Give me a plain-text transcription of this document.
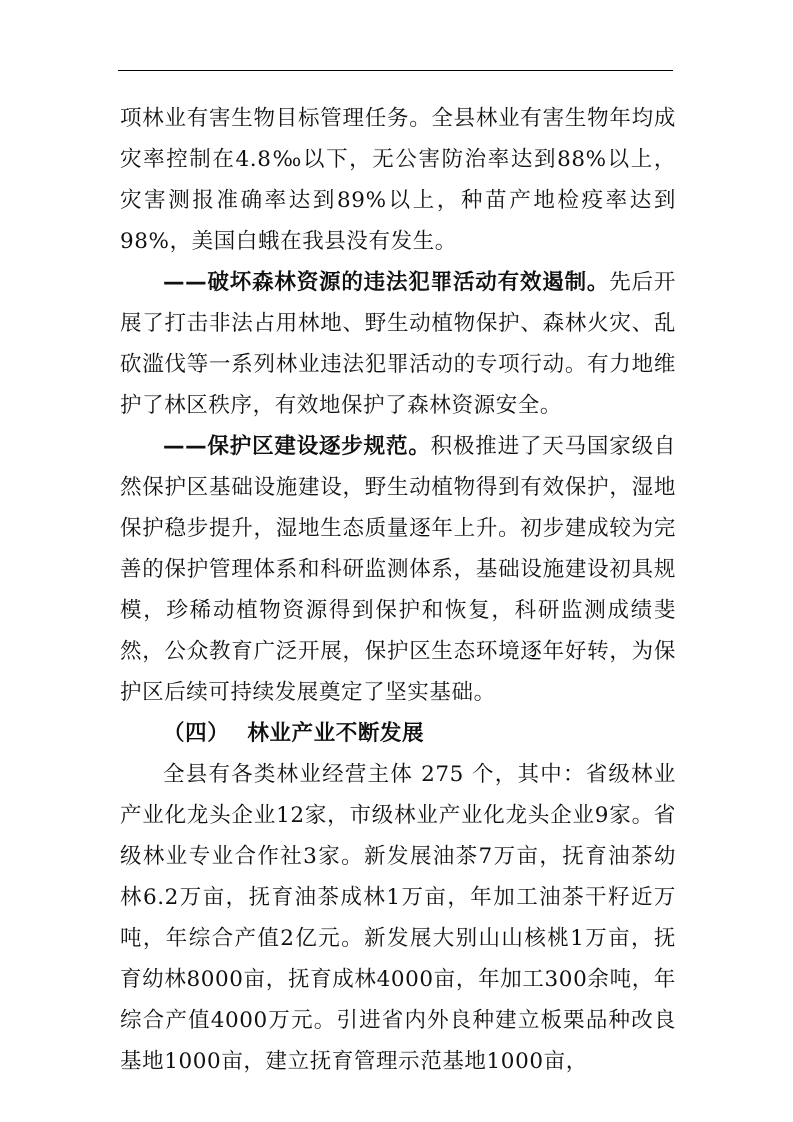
项林业有害生物目标管理任务。全县林业有害生物年均成灾率控制在4.8‰以下，无公害防治率达到88%以上，灾害测报准确率达到89%以上，种苗产地检疫率达到98%，美国白蛾在我县没有发生。

——破坏森林资源的违法犯罪活动有效遏制。先后开展了打击非法占用林地、野生动植物保护、森林火灾、乱砍滥伐等一系列林业违法犯罪活动的专项行动。有力地维护了林区秩序，有效地保护了森林资源安全。

——保护区建设逐步规范。积极推进了天马国家级自然保护区基础设施建设，野生动植物得到有效保护，湿地保护稳步提升，湿地生态质量逐年上升。初步建成较为完善的保护管理体系和科研监测体系，基础设施建设初具规模，珍稀动植物资源得到保护和恢复，科研监测成绩斐然，公众教育广泛开展，保护区生态环境逐年好转，为保护区后续可持续发展奠定了坚实基础。

（四） 林业产业不断发展

全县有各类林业经营主体 275 个，其中：省级林业产业化龙头企业12家，市级林业产业化龙头企业9家。省级林业专业合作社3家。新发展油茶7万亩，抚育油茶幼林6.2万亩，抚育油茶成林1万亩，年加工油茶干籽近万吨，年综合产值2亿元。新发展大别山山核桃1万亩，抚育幼林8000亩，抚育成林4000亩，年加工300余吨，年综合产值4000万元。引进省内外良种建立板栗品种改良基地1000亩，建立抚育管理示范基地1000亩，
